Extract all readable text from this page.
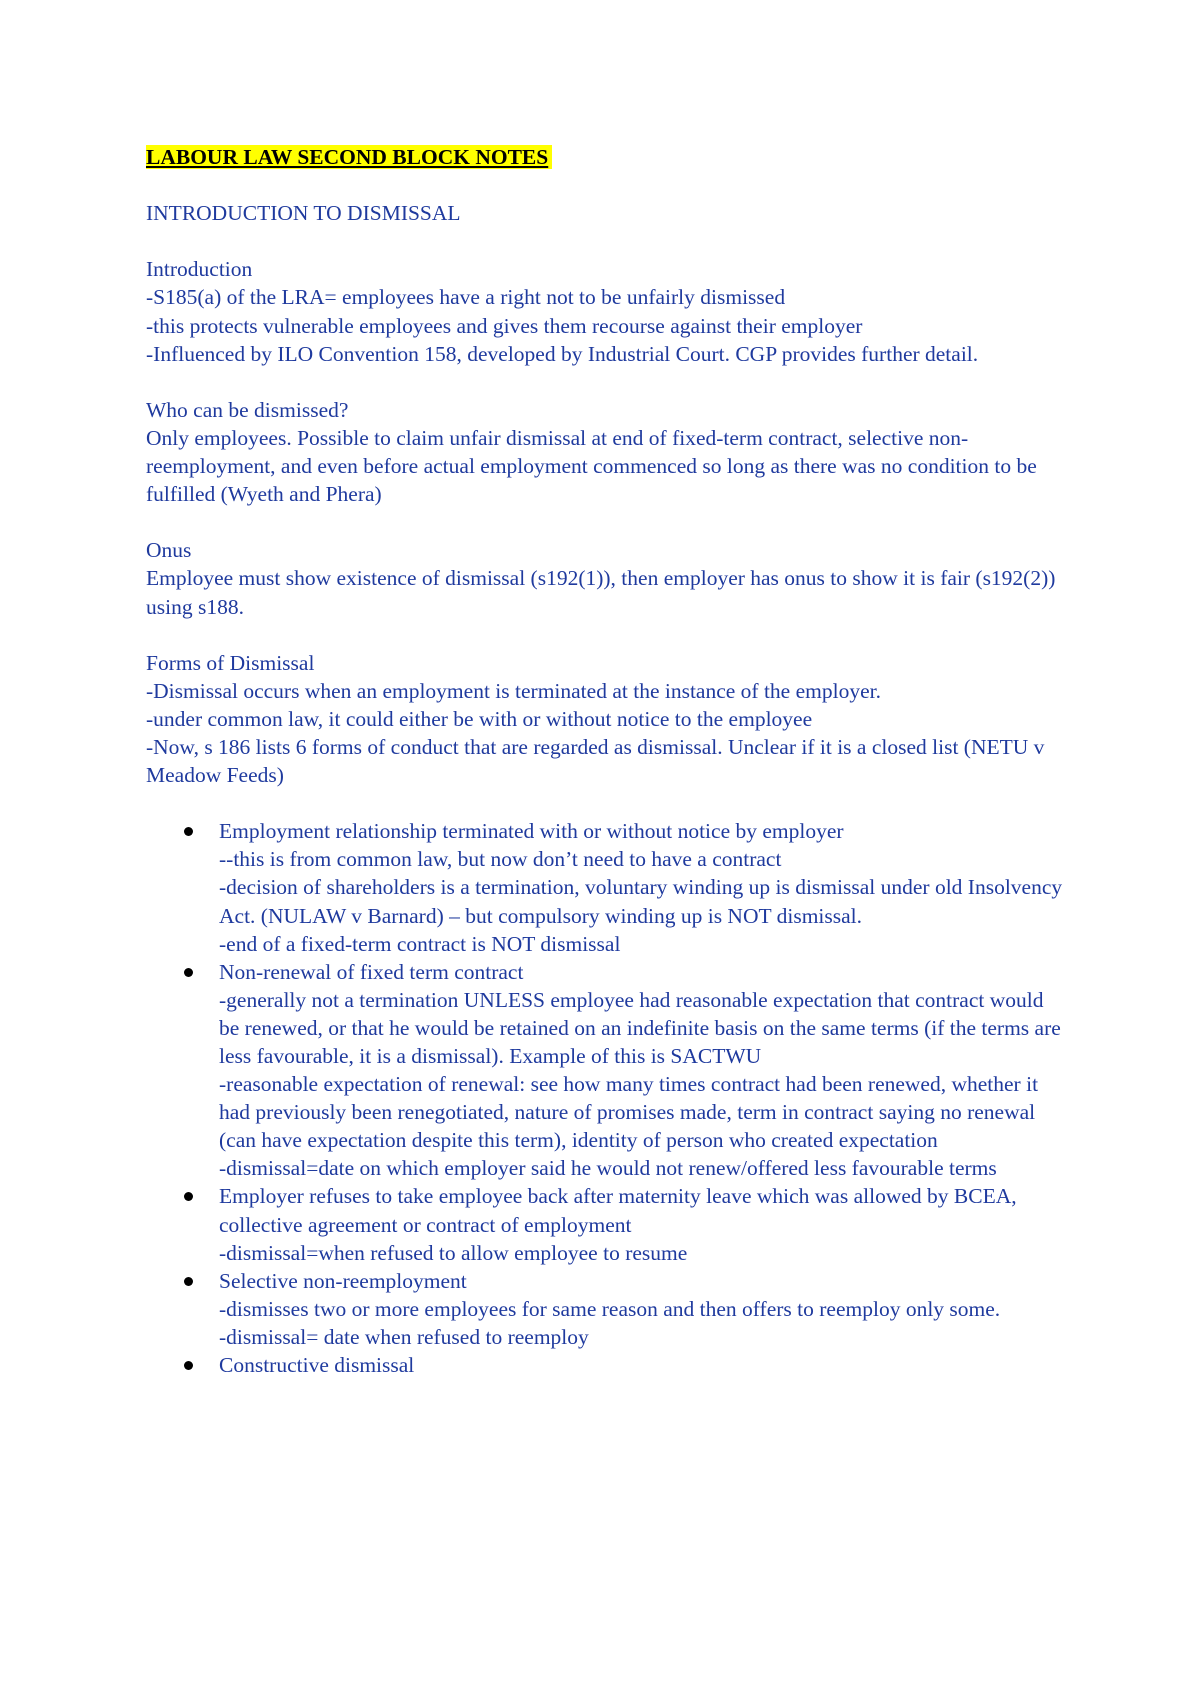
LABOUR LAW SECOND BLOCK NOTES

INTRODUCTION TO DISMISSAL

Introduction

-S185(a) of the LRA= employees have a right not to be unfairly dismissed

-this protects vulnerable employees and gives them recourse against their employer

-Influenced by ILO Convention 158, developed by Industrial Court. CGP provides further detail.

Who can be dismissed?

Only employees. Possible to claim unfair dismissal at end of fixed-term contract, selective non-reemployment, and even before actual employment commenced so long as there was no condition to be fulfilled (Wyeth and Phera)

Onus

Employee must show existence of dismissal (s192(1)), then employer has onus to show it is fair (s192(2)) using s188.

Forms of Dismissal

-Dismissal occurs when an employment is terminated at the instance of the employer.

-under common law, it could either be with or without notice to the employee

-Now, s 186 lists 6 forms of conduct that are regarded as dismissal. Unclear if it is a closed list (NETU v Meadow Feeds)

Employment relationship terminated with or without notice by employer
--this is from common law, but now don’t need to have a contract
-decision of shareholders is a termination, voluntary winding up is dismissal under old Insolvency Act. (NULAW v Barnard) – but compulsory winding up is NOT dismissal.
-end of a fixed-term contract is NOT dismissal
Non-renewal of fixed term contract
-generally not a termination UNLESS employee had reasonable expectation that contract would be renewed, or that he would be retained on an indefinite basis on the same terms (if the terms are less favourable, it is a dismissal). Example of this is SACTWU
-reasonable expectation of renewal: see how many times contract had been renewed, whether it had previously been renegotiated, nature of promises made, term in contract saying no renewal (can have expectation despite this term), identity of person who created expectation
-dismissal=date on which employer said he would not renew/offered less favourable terms
Employer refuses to take employee back after maternity leave which was allowed by BCEA, collective agreement or contract of employment
-dismissal=when refused to allow employee to resume
Selective non-reemployment
-dismisses two or more employees for same reason and then offers to reemploy only some.
-dismissal= date when refused to reemploy
Constructive dismissal
